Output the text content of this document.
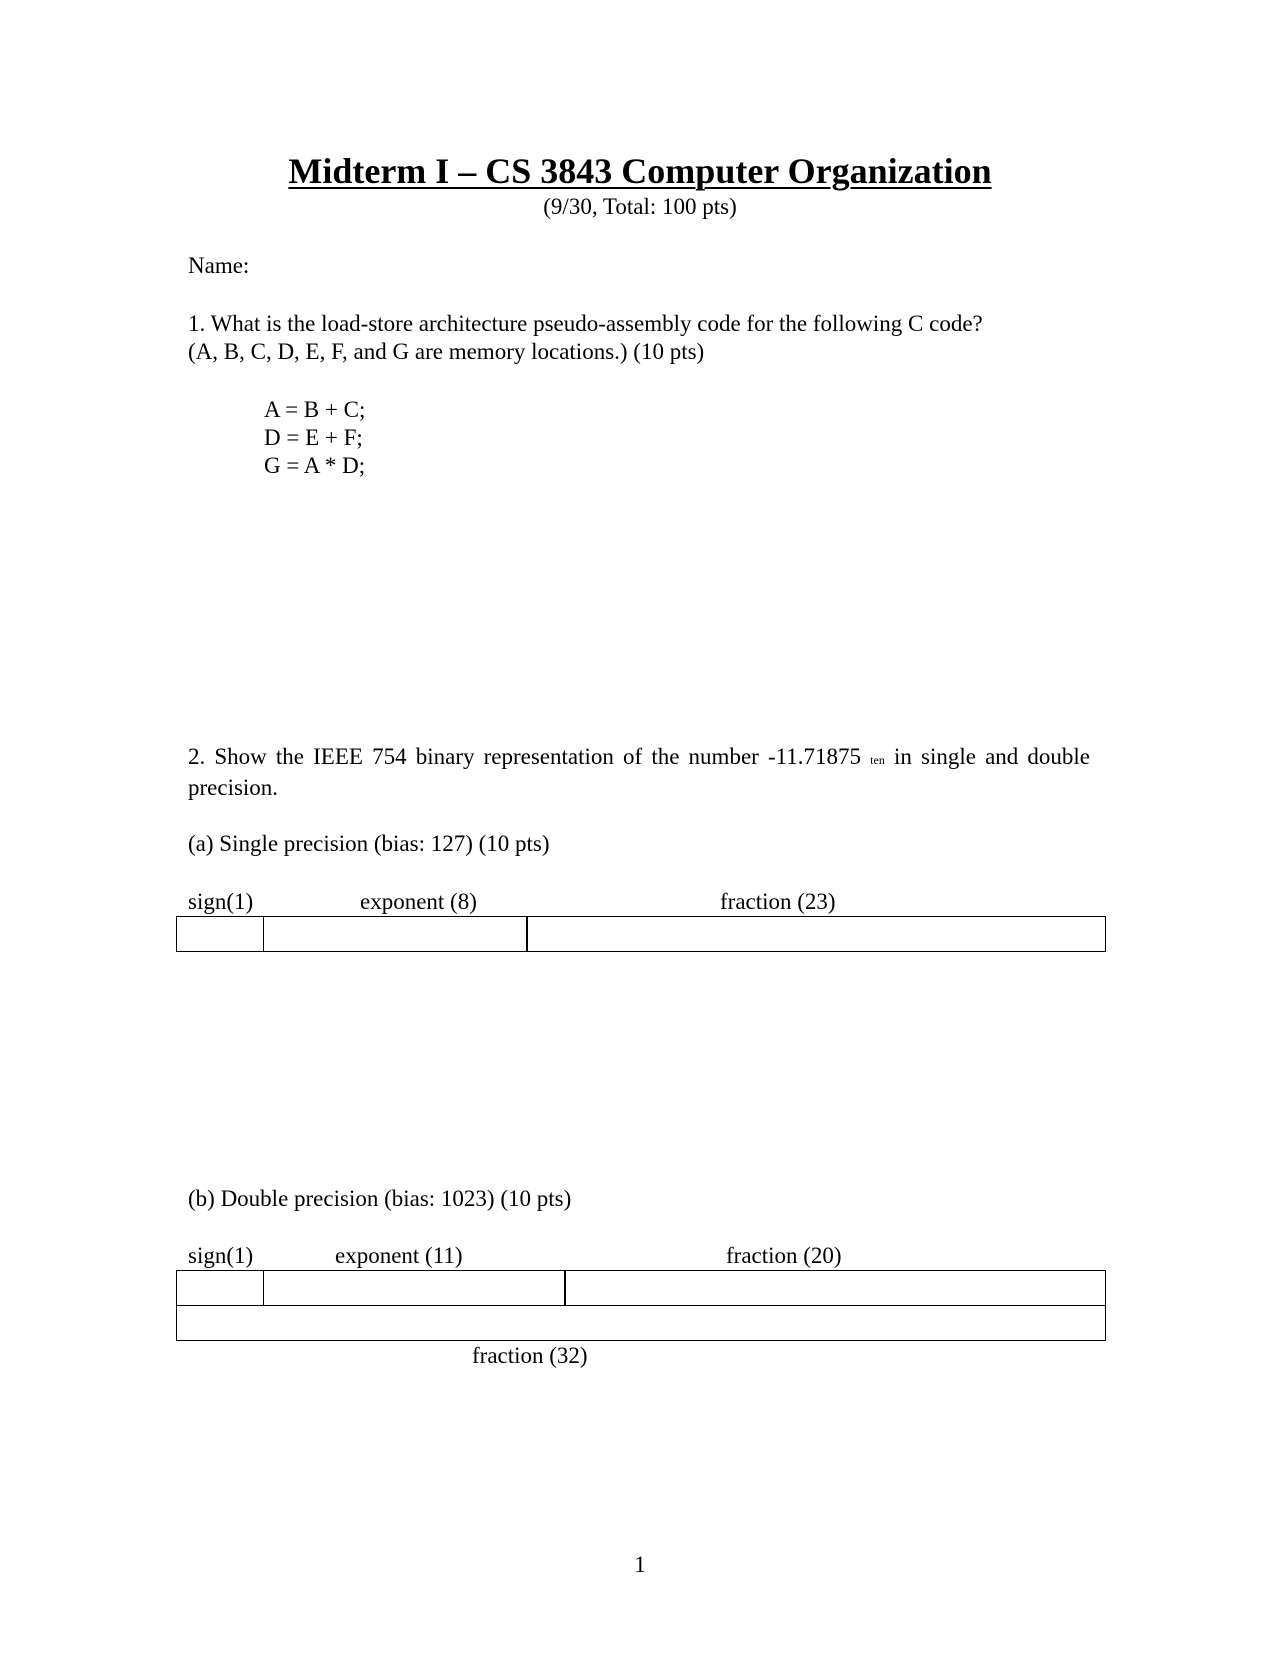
Midterm I – CS 3843 Computer Organization
(9/30, Total: 100 pts)
Name:
1. What is the load-store architecture pseudo-assembly code for the following C code?
(A, B, C, D, E, F, and G are memory locations.) (10 pts)
A = B + C;
D = E + F;
G = A * D;
2. Show the IEEE 754 binary representation of the number -11.71875 ten in single and double precision.
(a) Single precision (bias: 127) (10 pts)
sign(1)	exponent (8)	fraction (23)
(b) Double precision (bias: 1023) (10 pts)
sign(1)	exponent (11)	fraction (20)
fraction (32)
1
